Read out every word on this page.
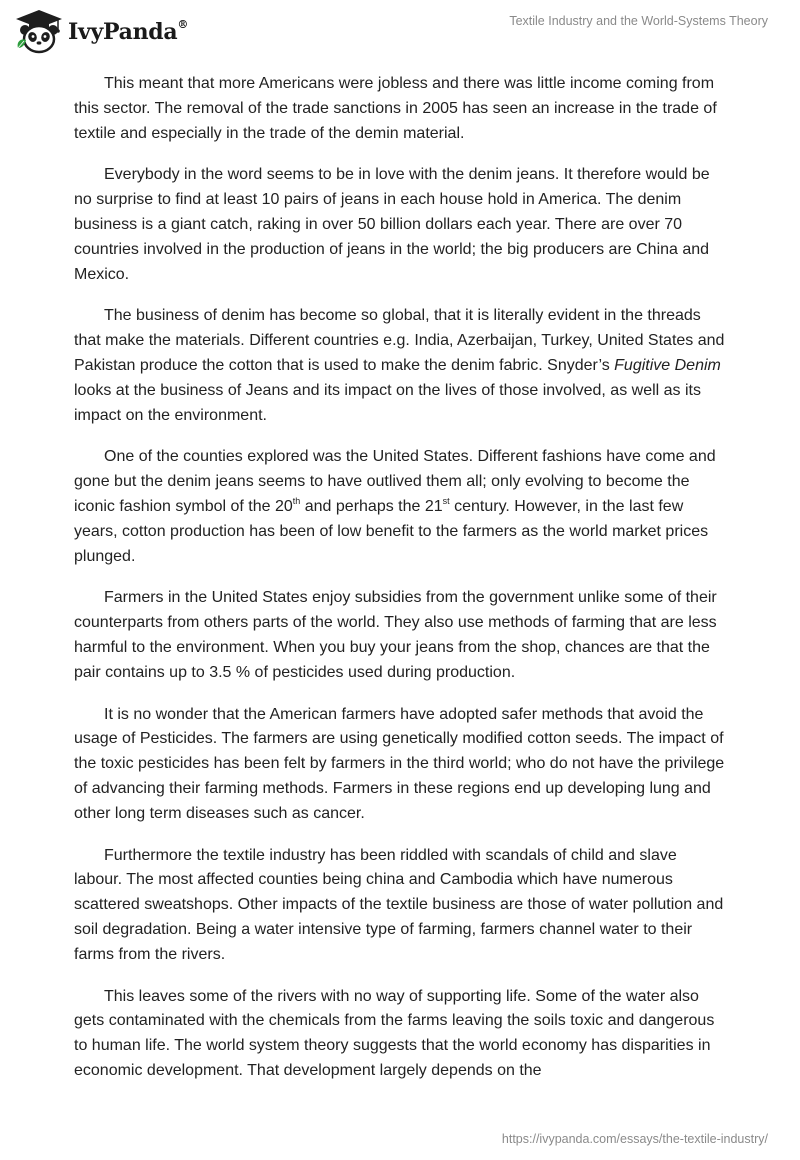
IvyPanda®	Textile Industry and the World-Systems Theory

This meant that more Americans were jobless and there was little income coming from this sector. The removal of the trade sanctions in 2005 has seen an increase in the trade of textile and especially in the trade of the demin material.

Everybody in the word seems to be in love with the denim jeans. It therefore would be no surprise to find at least 10 pairs of jeans in each house hold in America. The denim business is a giant catch, raking in over 50 billion dollars each year. There are over 70 countries involved in the production of jeans in the world; the big producers are China and Mexico.

The business of denim has become so global, that it is literally evident in the threads that make the materials. Different countries e.g. India, Azerbaijan, Turkey, United States and Pakistan produce the cotton that is used to make the denim fabric. Snyder’s Fugitive Denim looks at the business of Jeans and its impact on the lives of those involved, as well as its impact on the environment.

One of the counties explored was the United States. Different fashions have come and gone but the denim jeans seems to have outlived them all; only evolving to become the iconic fashion symbol of the 20th and perhaps the 21st century. However, in the last few years, cotton production has been of low benefit to the farmers as the world market prices plunged.

Farmers in the United States enjoy subsidies from the government unlike some of their counterparts from others parts of the world. They also use methods of farming that are less harmful to the environment. When you buy your jeans from the shop, chances are that the pair contains up to 3.5 % of pesticides used during production.

It is no wonder that the American farmers have adopted safer methods that avoid the usage of Pesticides. The farmers are using genetically modified cotton seeds. The impact of the toxic pesticides has been felt by farmers in the third world; who do not have the privilege of advancing their farming methods. Farmers in these regions end up developing lung and other long term diseases such as cancer.

Furthermore the textile industry has been riddled with scandals of child and slave labour. The most affected counties being china and Cambodia which have numerous scattered sweatshops. Other impacts of the textile business are those of water pollution and soil degradation. Being a water intensive type of farming, farmers channel water to their farms from the rivers.

This leaves some of the rivers with no way of supporting life. Some of the water also gets contaminated with the chemicals from the farms leaving the soils toxic and dangerous to human life. The world system theory suggests that the world economy has disparities in economic development. That development largely depends on the

https://ivypanda.com/essays/the-textile-industry/
